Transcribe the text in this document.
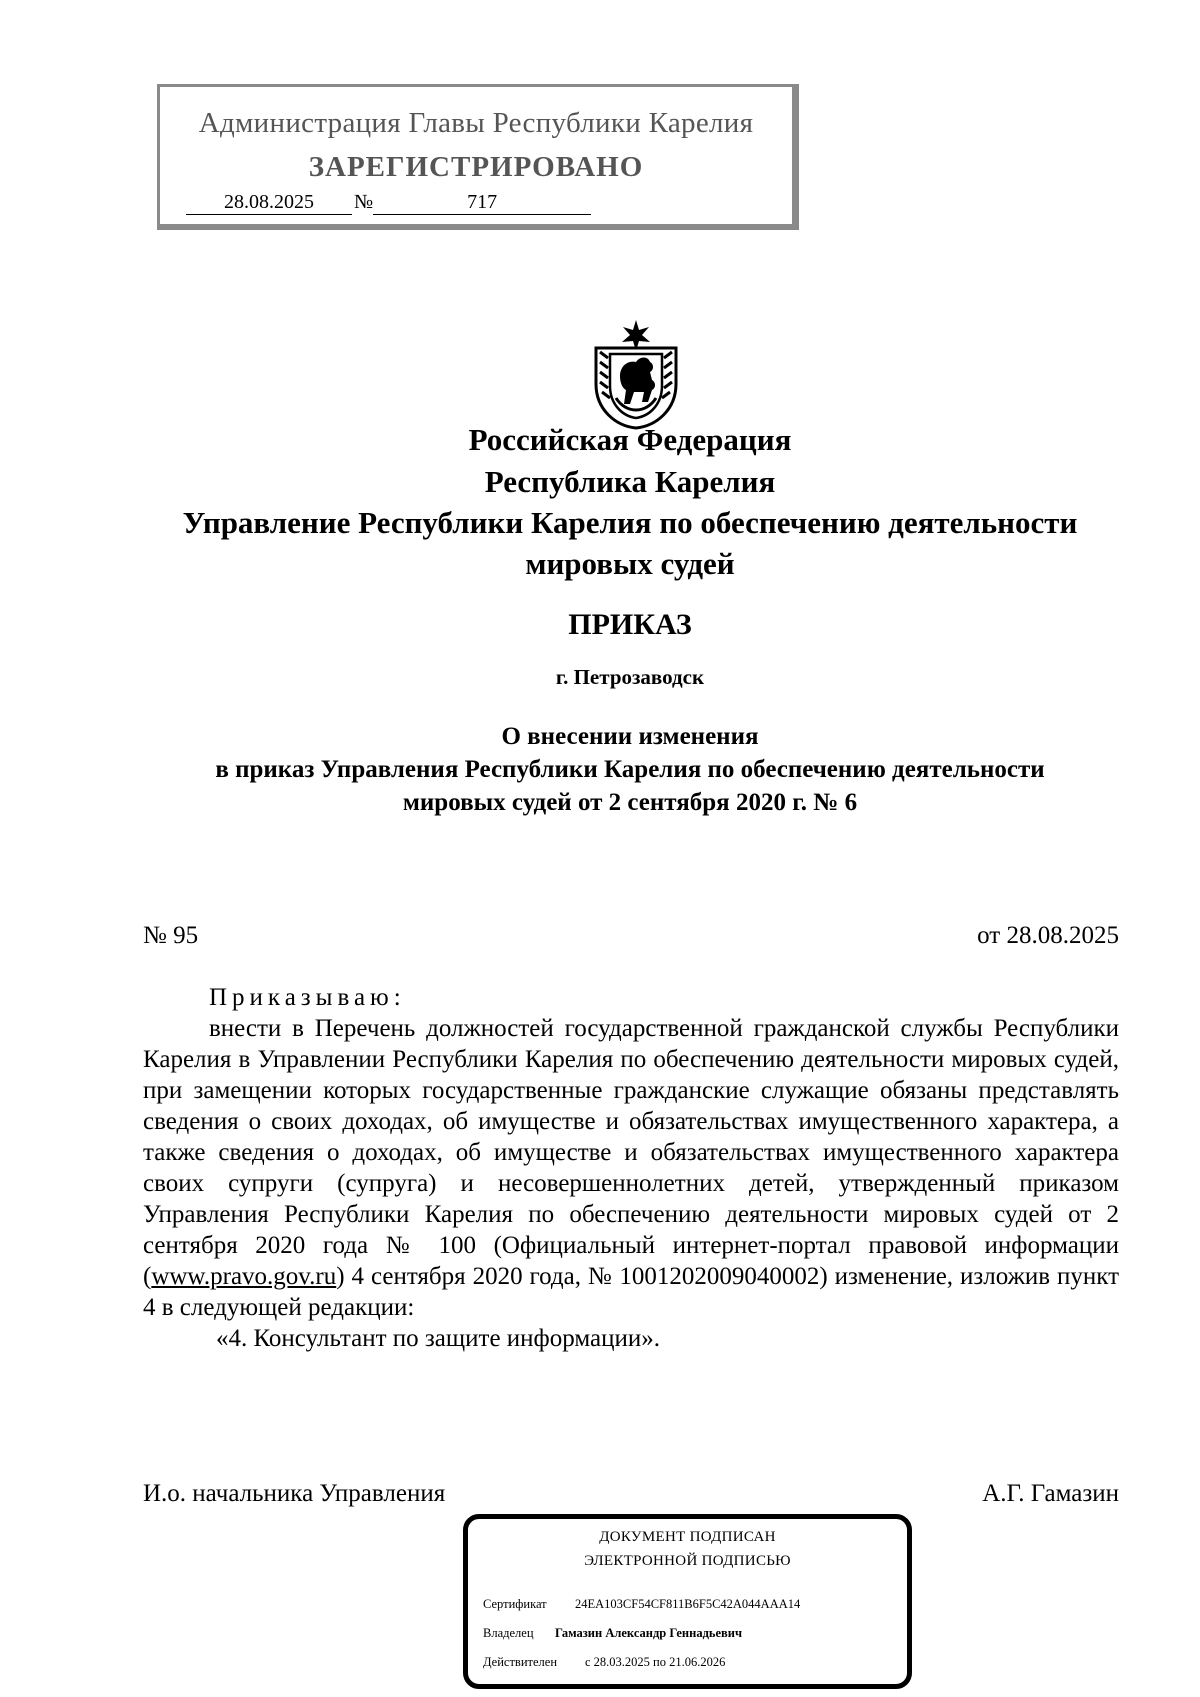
Администрация Главы Республики Карелия
ЗАРЕГИСТРИРОВАНО
28.08.2025 №	717
Российская Федерация
Республика Карелия
Управление Республики Карелия по обеспечению деятельности
мировых судей
ПРИКАЗ
г. Петрозаводск
О внесении изменения
в приказ Управления Республики Карелия по обеспечению деятельности
мировых судей от 2 сентября 2020 г. № 6
№ 95	от 28.08.2025
Приказываю:
внести в Перечень должностей государственной гражданской службы Республики Карелия в Управлении Республики Карелия по обеспечению деятельности мировых судей, при замещении которых государственные гражданские служащие обязаны представлять сведения о своих доходах, об имуществе и обязательствах имущественного характера, а также сведения о доходах, об имуществе и обязательствах имущественного характера своих супруги (супруга) и несовершеннолетних детей, утвержденный приказом Управления Республики Карелия по обеспечению деятельности мировых судей от 2 сентября 2020 года № 100 (Официальный интернет-портал правовой информации (www.pravo.gov.ru) 4 сентября 2020 года, № 1001202009040002) изменение, изложив пункт 4 в следующей редакции:
«4. Консультант по защите информации».
И.о. начальника Управления	А.Г. Гамазин
ДОКУМЕНТ ПОДПИСАН
ЭЛЕКТРОННОЙ ПОДПИСЬЮ
Сертификат 24EA103CF54CF811B6F5C42A044AAA14
Владелец Гамазин Александр Геннадьевич
Действителен с 28.03.2025 по 21.06.2026
